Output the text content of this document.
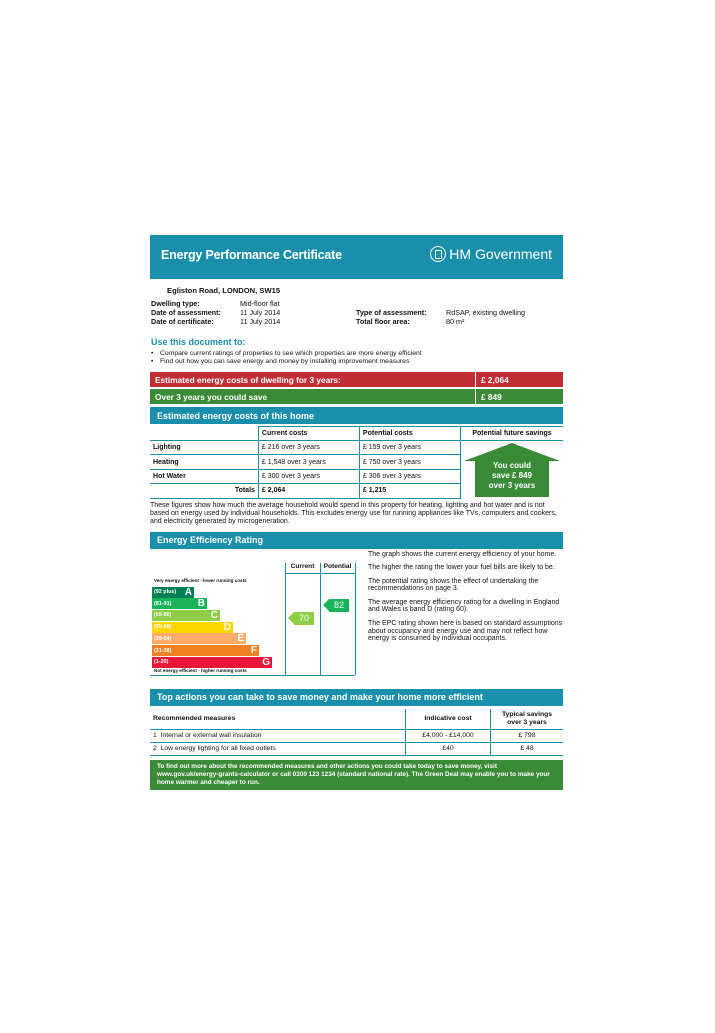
Energy Performance Certificate	HM Government
Egliston Road, LONDON, SW15
Dwelling type:	Mid-floor flat
Date of assessment:	11 July 2014
Date of certificate:	11 July 2014
Type of assessment:	RdSAP, existing dwelling
Total floor area:	80 m²
Use this document to:
• Compare current ratings of properties to see which properties are more energy efficient
• Find out how you can save energy and money by installing improvement measures
Estimated energy costs of dwelling for 3 years:	£ 2,064
Over 3 years you could save	£ 849
Estimated energy costs of this home
	Current costs	Potential costs	Potential future savings
Lighting	£ 216 over 3 years	£ 159 over 3 years	You could
save £ 849
over 3 years

Heating	£ 1,548 over 3 years	£ 750 over 3 years	
Hot Water	£ 300 over 3 years	£ 306 over 3 years	
Totals	£ 2,064	£ 1,215	
These figures show how much the average household would spend in this property for heating, lighting and hot water and is not based on energy used by individual households. This excludes energy use for running appliances like TVs, computers and cookers, and electricity generated by microgeneration.
Energy Efficiency Rating
Current	Potential
Very energy efficient - lower running costs
(92 plus) A
(81-91)	B
(69-80)	C
(55-68)	D
(39-54)	E
(21-38)	F
(1-20)	G
Not energy efficient - higher running costs
70
82

The graph shows the current energy efficiency of your home.

The higher the rating the lower your fuel bills are likely to be.

The potential rating shows the effect of undertaking the recommendations on page 3.

The average energy efficiency rating for a dwelling in England and Wales is band D (rating 60).

The EPC rating shown here is based on standard assumptions about occupancy and energy use and may not reflect how energy is consumed by individual occupants.

Top actions you can take to save money and make your home more efficient
Recommended measures	Indicative cost	Typical savings over 3 years
1 Internal or external wall insulation	£4,000 - £14,000	£ 798
2 Low energy lighting for all fixed outlets	£40	£ 48
To find out more about the recommended measures and other actions you could take today to save money, visit www.gov.uk/energy-grants-calculator or call 0300 123 1234 (standard national rate). The Green Deal may enable you to make your home warmer and cheaper to run.
